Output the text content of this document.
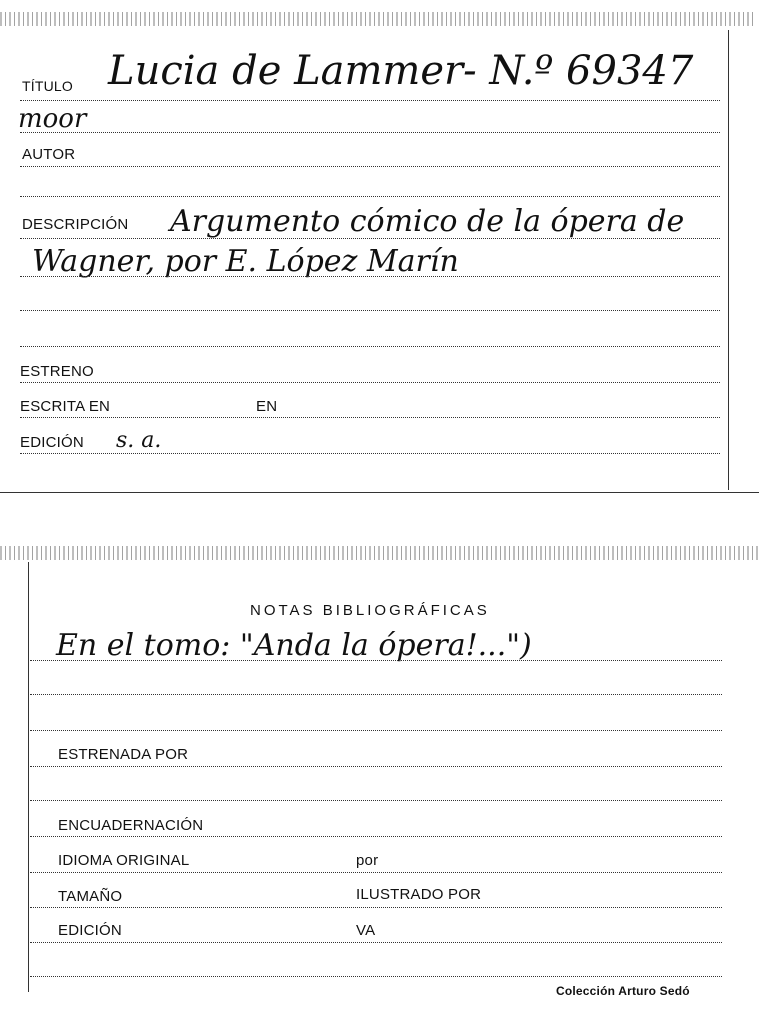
TÍTULO Lucia de Lammer- N.º 69347
moor
AUTOR
DESCRIPCIÓN Argumento cómico de la ópera de
Wagner, por E. López Marín
ESTRENO
ESCRITA EN	EN
EDICIÓN s. a.
NOTAS BIBLIOGRÁFICAS
En el tomo: "Anda la ópera!...")
ESTRENADA POR
ENCUADERNACIÓN
IDIOMA ORIGINAL	por
TAMAÑO	ILUSTRADO POR
EDICIÓN	VA
Colección Arturo Sedó
